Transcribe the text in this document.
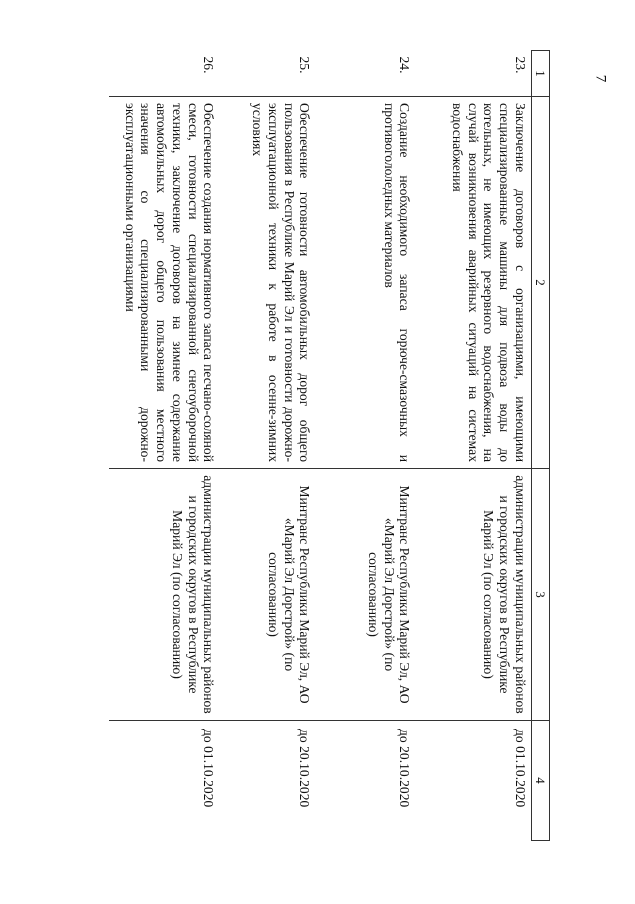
7
1	2	3	4
23.	Заключение договоров с организациями, имеющими специализированные машины для подвоза воды до котельных, не имеющих резервного водоснабжения, на случай возникновения аварийных ситуаций на системах водоснабжения	администрации муниципальных районов и городских округов в Республике Марий Эл (по согласованию)	до 01.10.2020
24.	Создание необходимого запаса горюче-смазочных и противогололедных материалов	Минтранс Республики Марий Эл, АО «Марий Эл Дорстрой» (по согласованию)	до 20.10.2020
25.	Обеспечение готовности автомобильных дорог общего пользования в Республике Марий Эл и готовности дорожно-эксплуатационной техники к работе в осенне-зимних условиях	Минтранс Республики Марий Эл, АО «Марий Эл Дорстрой» (по согласованию)	до 20.10.2020
26.	Обеспечение создания нормативного запаса песчано-соляной смеси, готовности специализированной снегоуборочной техники, заключение договоров на зимнее содержание автомобильных дорог общего пользования местного значения со специализированными дорожно-эксплуатационными организациями	администрации муниципальных районов и городских округов в Республике Марий Эл (по согласованию)	до 01.10.2020
